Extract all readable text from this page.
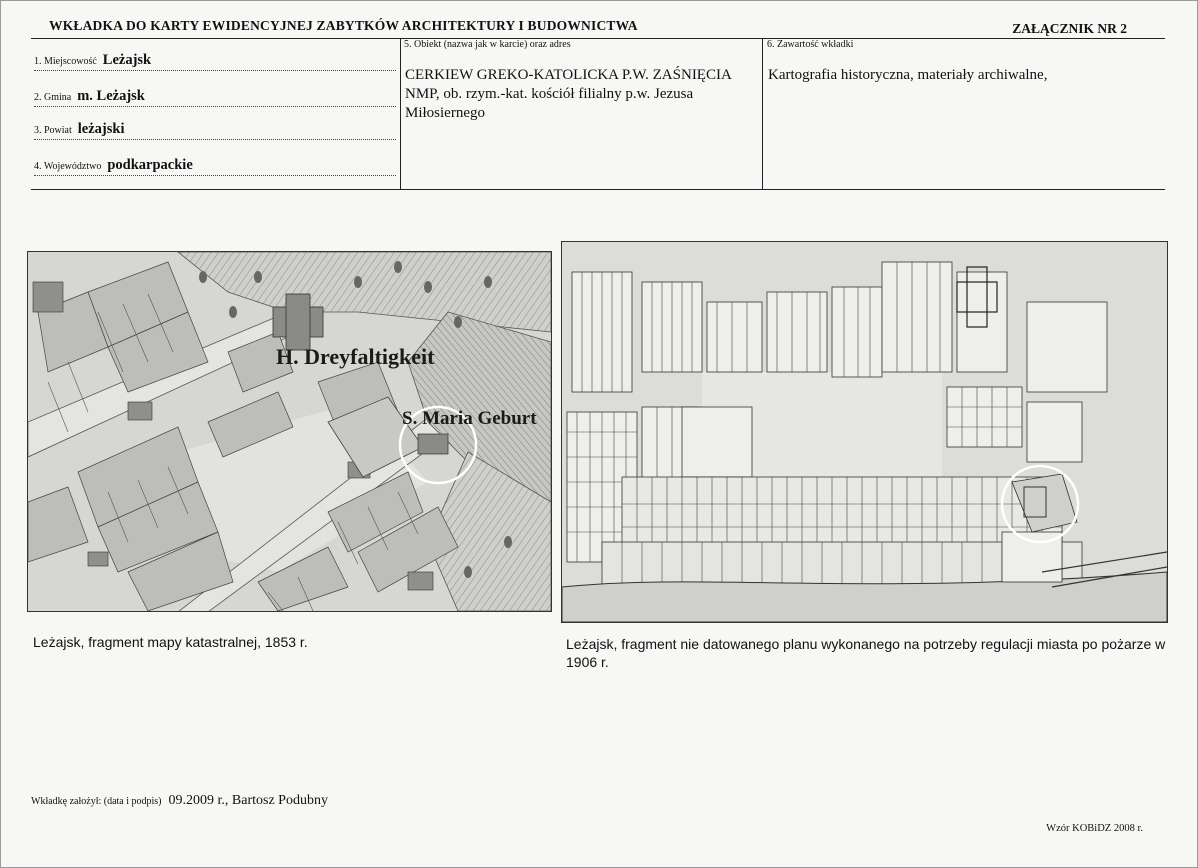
WKŁADKA DO KARTY EWIDENCYJNEJ ZABYTKÓW ARCHITEKTURY I BUDOWNICTWA	ZAŁĄCZNIK NR 2
1. Miejscowość Leżajsk
2. Gmina m. Leżajsk
3. Powiat leżajski
4. Województwo podkarpackie
5. Obiekt (nazwa jak w karcie) oraz adres
CERKIEW GREKO-KATOLICKA P.W. ZAŚNIĘCIA NMP, ob. rzym.-kat. kościół filialny p.w. Jezusa Miłosiernego
6. Zawartość wkładki
Kartografia historyczna, materiały archiwalne,
H. Dreyfaltigkeit
S. Maria Geburt
Leżajsk, fragment mapy katastralnej, 1853 r.	Leżajsk, fragment nie datowanego planu wykonanego na potrzeby regulacji miasta po pożarze w 1906 r.
Wkładkę założył: (data i podpis) 09.2009 r., Bartosz Podubny
Wzór KOBiDZ 2008 r.
